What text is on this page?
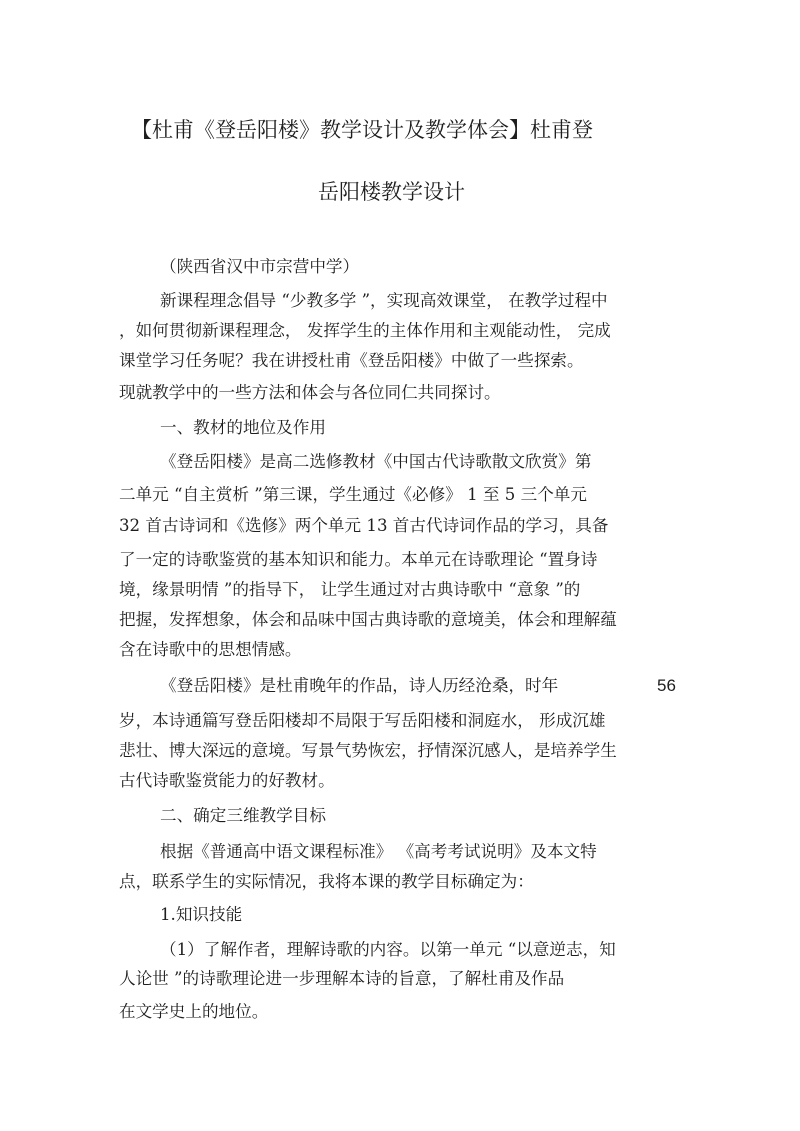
【杜甫《登岳阳楼》教学设计及教学体会】杜甫登
岳阳楼教学设计
（陕西省汉中市宗营中学）
新课程理念倡导 “少教多学 ”，实现高效课堂， 在教学过程中
，如何贯彻新课程理念， 发挥学生的主体作用和主观能动性， 完成
课堂学习任务呢？我在讲授杜甫《登岳阳楼》中做了一些探索。
现就教学中的一些方法和体会与各位同仁共同探讨。
一、教材的地位及作用
《登岳阳楼》是高二选修教材《中国古代诗歌散文欣赏》第
二单元 “自主赏析 ”第三课，学生通过《必修》 1 至 5 三个单元
32 首古诗词和《选修》两个单元 13 首古代诗词作品的学习，具备
了一定的诗歌鉴赏的基本知识和能力。本单元在诗歌理论 “置身诗
境，缘景明情 ”的指导下， 让学生通过对古典诗歌中 “意象 ”的
把握，发挥想象，体会和品味中国古典诗歌的意境美，体会和理解蕴
含在诗歌中的思想情感。
《登岳阳楼》是杜甫晚年的作品，诗人历经沧桑，时年	56
岁，本诗通篇写登岳阳楼却不局限于写岳阳楼和洞庭水， 形成沉雄
悲壮、博大深远的意境。写景气势恢宏，抒情深沉感人，是培养学生
古代诗歌鉴赏能力的好教材。
二、确定三维教学目标
根据《普通高中语文课程标准》 《高考考试说明》及本文特
点，联系学生的实际情况，我将本课的教学目标确定为：
1.知识技能
（1）了解作者，理解诗歌的内容。以第一单元 “以意逆志，知
人论世 ”的诗歌理论进一步理解本诗的旨意，了解杜甫及作品
在文学史上的地位。
